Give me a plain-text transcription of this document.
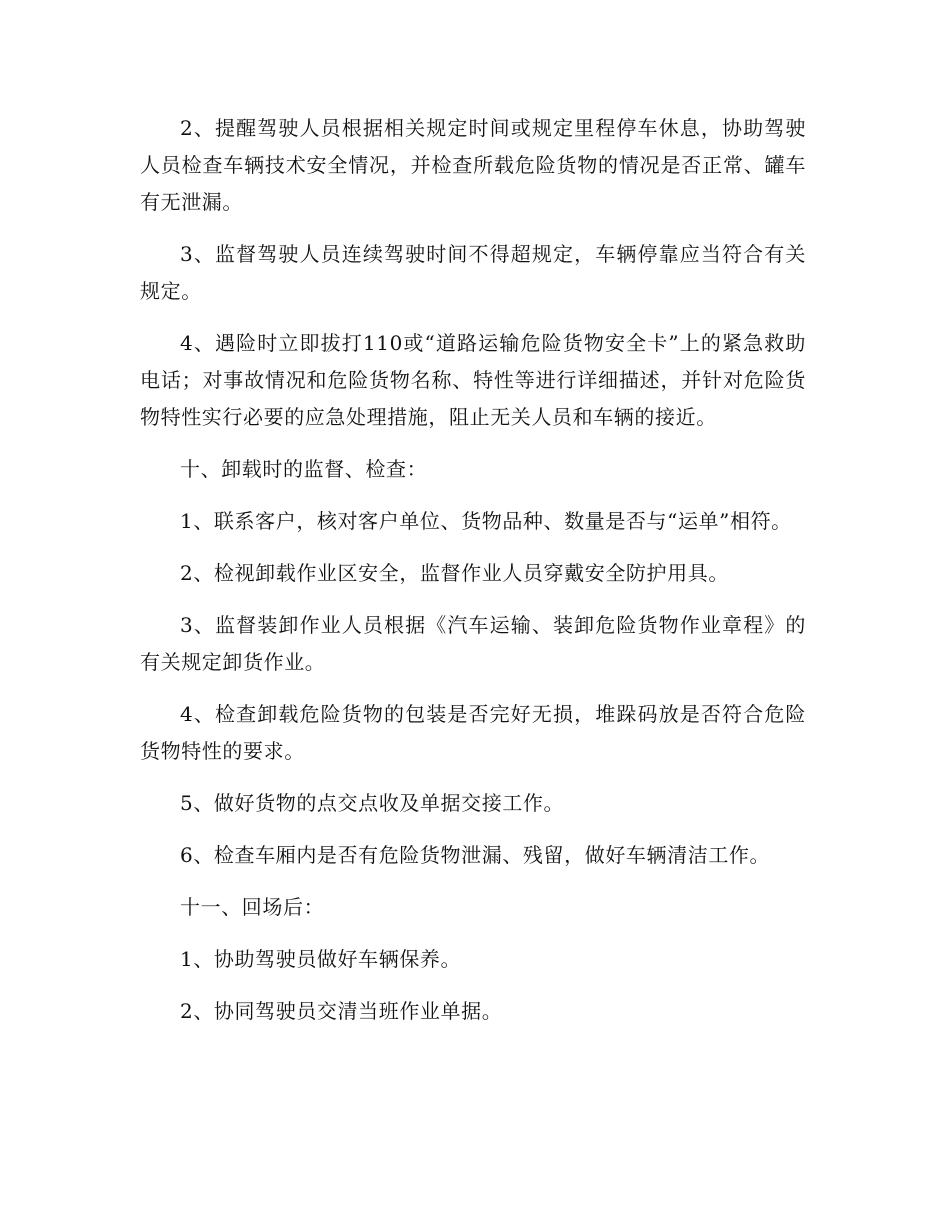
2、提醒驾驶人员根据相关规定时间或规定里程停车休息，协助驾驶人员检查车辆技术安全情况，并检查所载危险货物的情况是否正常、罐车有无泄漏。

3、监督驾驶人员连续驾驶时间不得超规定，车辆停靠应当符合有关规定。

4、遇险时立即拔打110或“道路运输危险货物安全卡”上的紧急救助电话；对事故情况和危险货物名称、特性等进行详细描述，并针对危险货物特性实行必要的应急处理措施，阻止无关人员和车辆的接近。

十、卸载时的监督、检查：

1、联系客户，核对客户单位、货物品种、数量是否与“运单”相符。

2、检视卸载作业区安全，监督作业人员穿戴安全防护用具。

3、监督装卸作业人员根据《汽车运输、装卸危险货物作业章程》的有关规定卸货作业。

4、检查卸载危险货物的包装是否完好无损，堆跺码放是否符合危险货物特性的要求。

5、做好货物的点交点收及单据交接工作。

6、检查车厢内是否有危险货物泄漏、残留，做好车辆清洁工作。

十一、回场后：

1、协助驾驶员做好车辆保养。

2、协同驾驶员交清当班作业单据。
